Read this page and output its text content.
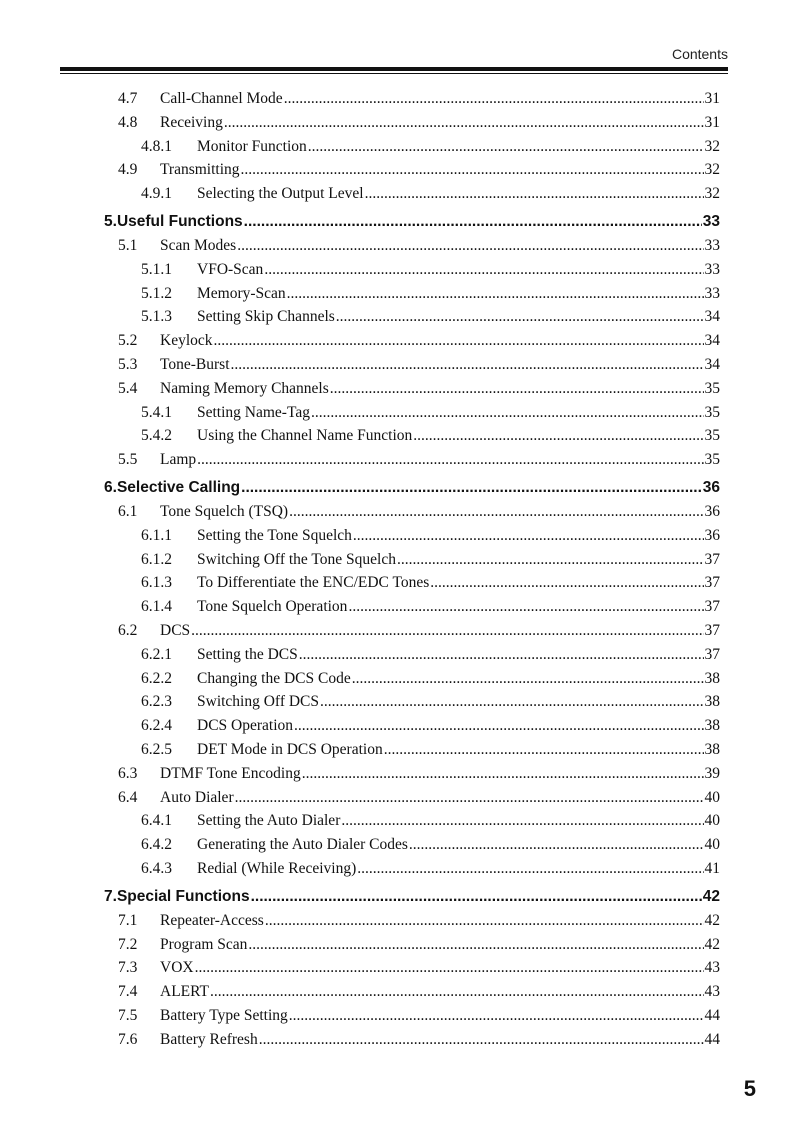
Contents
4.7	Call-Channel Mode .....	31
4.8	Receiving .....	31
4.8.1	Monitor Function .....	32
4.9	Transmitting .....	32
4.9.1	Selecting the Output Level .....	32
5. Useful Functions .....	33
5.1	Scan Modes .....	33
5.1.1	VFO-Scan .....	33
5.1.2	Memory-Scan .....	33
5.1.3	Setting Skip Channels .....	34
5.2	Keylock .....	34
5.3	Tone-Burst .....	34
5.4	Naming Memory Channels .....	35
5.4.1	Setting Name-Tag .....	35
5.4.2	Using the Channel Name Function .....	35
5.5	Lamp .....	35
6. Selective Calling .....	36
6.1	Tone Squelch (TSQ) .....	36
6.1.1	Setting the Tone Squelch .....	36
6.1.2	Switching Off the Tone Squelch .....	37
6.1.3	To Differentiate the ENC/EDC Tones .....	37
6.1.4	Tone Squelch Operation .....	37
6.2	DCS .....	37
6.2.1	Setting the DCS .....	37
6.2.2	Changing the DCS Code .....	38
6.2.3	Switching Off DCS .....	38
6.2.4	DCS Operation .....	38
6.2.5	DET Mode in DCS Operation .....	38
6.3	DTMF Tone Encoding .....	39
6.4	Auto Dialer .....	40
6.4.1	Setting the Auto Dialer .....	40
6.4.2	Generating the Auto Dialer Codes .....	40
6.4.3	Redial (While Receiving) .....	41
7. Special Functions .....	42
7.1	Repeater-Access .....	42
7.2	Program Scan .....	42
7.3	VOX .....	43
7.4	ALERT .....	43
7.5	Battery Type Setting .....	44
7.6	Battery Refresh .....	44
5
